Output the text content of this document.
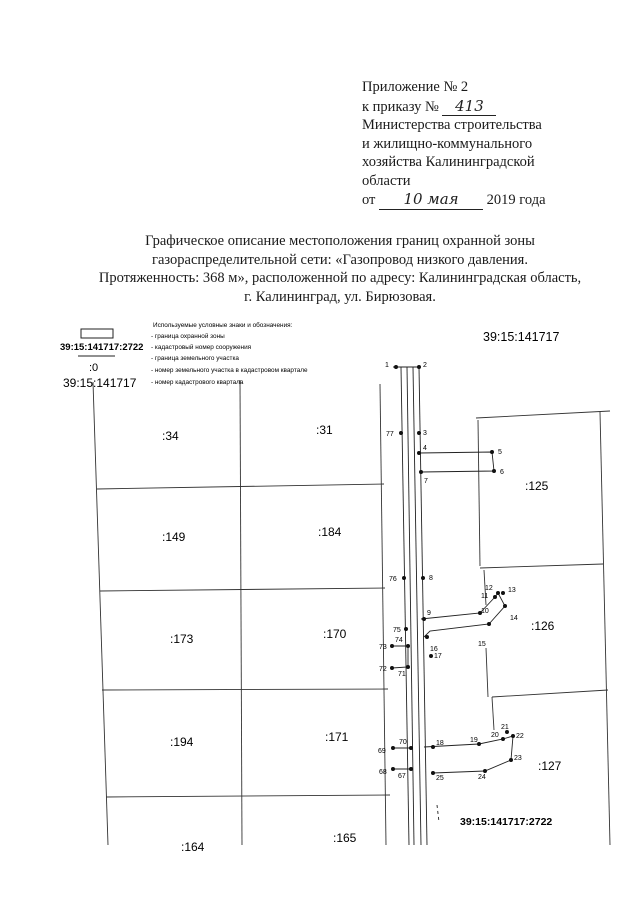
Приложение № 2
к приказу № 413
Министерства строительства
и жилищно-коммунального
хозяйства Калининградской
области
от 10 мая 2019 года
Графическое описание местоположения границ охранной зоны
газораспределительной сети: «Газопровод низкого давления.
Протяженность: 368 м», расположенной по адресу: Калининградская область,
г. Калининград, ул. Бирюзовая.
39:15:141717:2722
:0
39:15:141717
Используемые условные знаки и обозначения:
- граница охранной зоны
- кадастровый номер сооружения
- граница земельного участка
- номер земельного участка в кадастровом квартале
- номер кадастрового квартала
1	2
3
4
5
6
7
8
9	10
11
12 13
14
15
16
17
18	19
20
21
22
23
24
25
67
68
69
70
71
72
73
74
75
76
77
39:15:141717
39:15:141717:2722
:34	:31
:149	:184
:173	:170
:194	:171
:164
:165
:125
:126
:127
